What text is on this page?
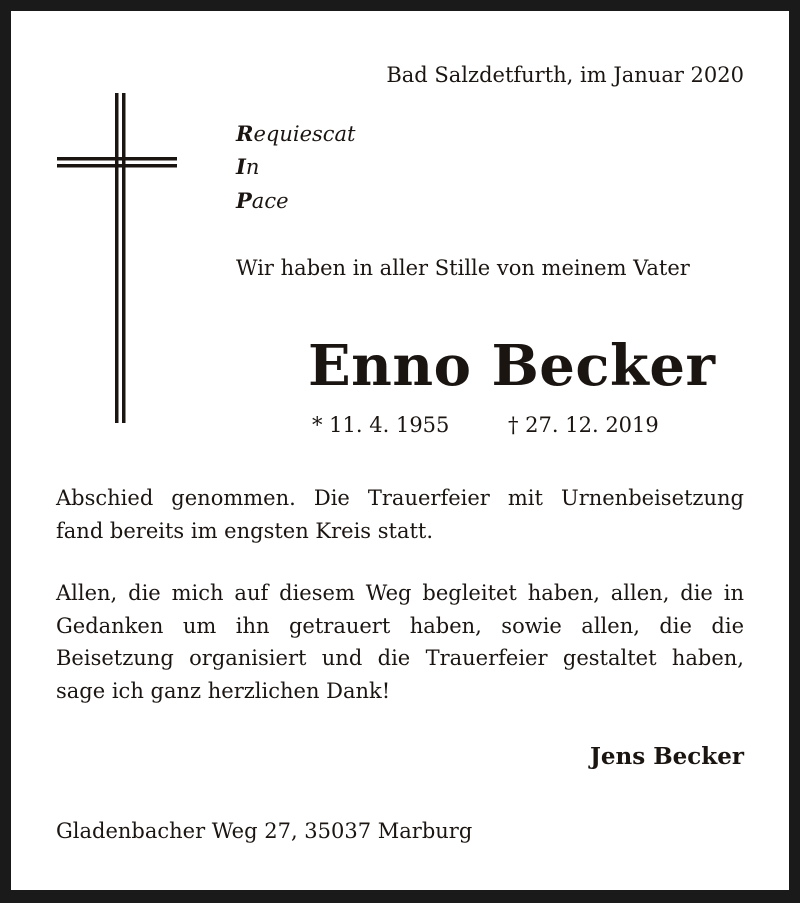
Bad Salzdetfurth, im Januar 2020
Requiescat
In
Pace
Wir haben in aller Stille von meinem Vater
Enno Becker
* 11. 4. 1955	† 27. 12. 2019
Abschied genommen. Die Trauerfeier mit Urnenbeisetzung
fand bereits im engsten Kreis statt.
Allen, die mich auf diesem Weg begleitet haben, allen, die in
Gedanken um ihn getrauert haben, sowie allen, die die
Beisetzung organisiert und die Trauerfeier gestaltet haben,
sage ich ganz herzlichen Dank!
Jens Becker
Gladenbacher Weg 27, 35037 Marburg
